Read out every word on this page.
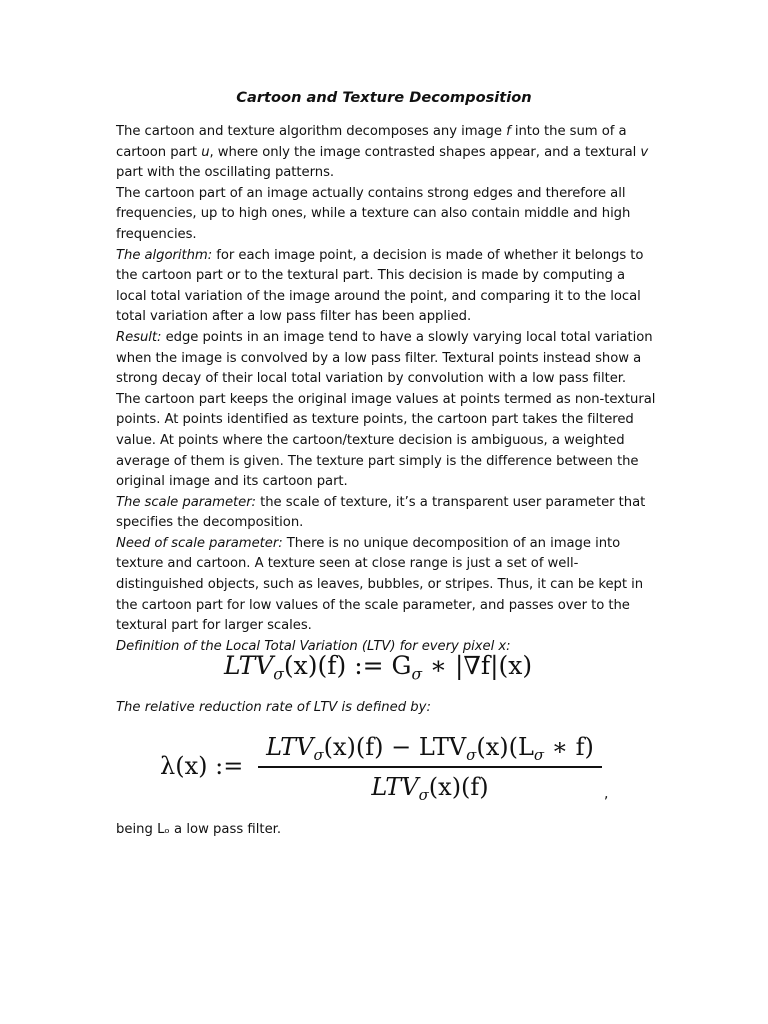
Cartoon and Texture Decomposition

The cartoon and texture algorithm decomposes any image f into the sum of a cartoon part u, where only the image contrasted shapes appear, and a textural v part with the oscillating patterns.

The cartoon part of an image actually contains strong edges and therefore all frequencies, up to high ones, while a texture can also contain middle and high frequencies.

The algorithm: for each image point, a decision is made of whether it belongs to the cartoon part or to the textural part. This decision is made by computing a local total variation of the image around the point, and comparing it to the local total variation after a low pass filter has been applied.

Result: edge points in an image tend to have a slowly varying local total variation when the image is convolved by a low pass filter. Textural points instead show a strong decay of their local total variation by convolution with a low pass filter.

The cartoon part keeps the original image values at points termed as non-textural points. At points identified as texture points, the cartoon part takes the filtered value. At points where the cartoon/texture decision is ambiguous, a weighted average of them is given. The texture part simply is the difference between the original image and its cartoon part.

The scale parameter: the scale of texture, it’s a transparent user parameter that specifies the decomposition.

Need of scale parameter: There is no unique decomposition of an image into texture and cartoon. A texture seen at close range is just a set of well-distinguished objects, such as leaves, bubbles, or stripes. Thus, it can be kept in the cartoon part for low values of the scale parameter, and passes over to the textural part for larger scales.

Definition of the Local Total Variation (LTV) for every pixel x:

$LTV_\sigma(x)(f)$ := $G_\sigma$ ∗ |∇f|(x)
The relative reduction rate of LTV is defined by:
λ(x) :=
$LTV_\sigma(x)(f) - LTV_\sigma(x)(L_\sigma$ ∗ f)
$LTV_\sigma(x)(f)$	,
being Lₒ a low pass filter.
